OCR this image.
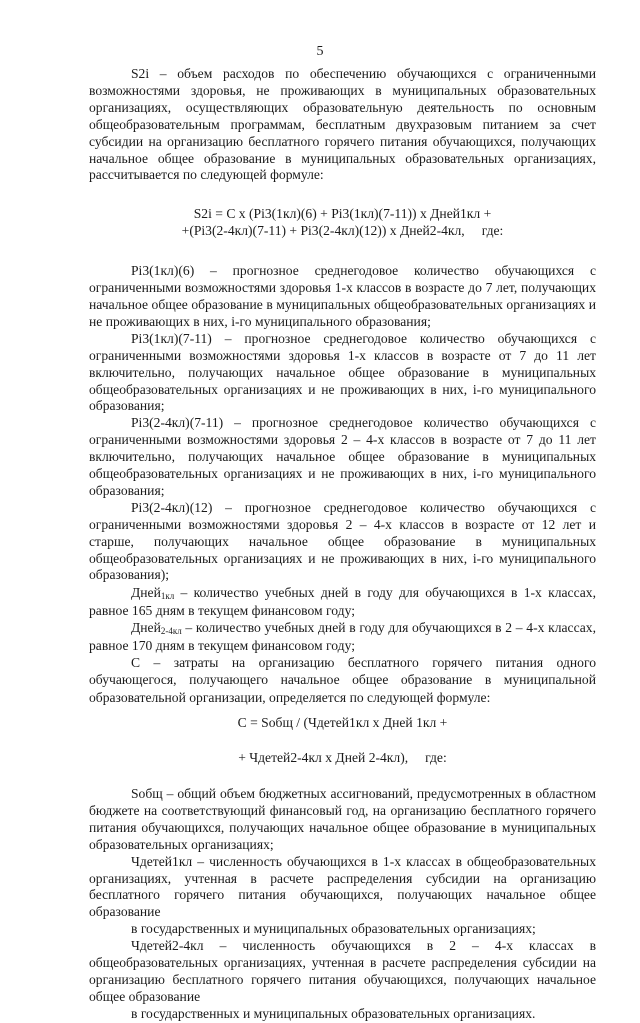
5

S2i – объем расходов по обеспечению обучающихся с ограниченными возможностями здоровья, не проживающих в муниципальных образовательных организациях, осуществляющих образовательную деятельность по основным общеобразовательным программам, бесплатным двухразовым питанием за счет субсидии на организацию бесплатного горячего питания обучающихся, получающих начальное общее образование в муниципальных образовательных организациях, рассчитывается по следующей формуле:

S2i = C x (Pi3(1кл)(6) + Pi3(1кл)(7-11)) x Дней1кл +
+(Pi3(2-4кл)(7-11) + Pi3(2-4кл)(12)) x Дней2-4кл,     где:

Pi3(1кл)(6) – прогнозное среднегодовое количество обучающихся с ограниченными возможностями здоровья 1-х классов в возрасте до 7 лет, получающих начальное общее образование в муниципальных общеобразовательных организациях и не проживающих в них, i-го муниципального образования;

Pi3(1кл)(7-11) – прогнозное среднегодовое количество обучающихся с ограниченными возможностями здоровья 1-х классов в возрасте от 7 до 11 лет включительно, получающих начальное общее образование в муниципальных общеобразовательных организациях и не проживающих в них, i-го муниципального образования;

Pi3(2-4кл)(7-11) – прогнозное среднегодовое количество обучающихся с ограниченными возможностями здоровья 2 – 4-х классов в возрасте от 7 до 11 лет включительно, получающих начальное общее образование в муниципальных общеобразовательных организациях и не проживающих в них, i-го муниципального образования;

Pi3(2-4кл)(12) – прогнозное среднегодовое количество обучающихся с ограниченными возможностями здоровья 2 – 4-х классов в возрасте от 12 лет и старше, получающих начальное общее образование в муниципальных общеобразовательных организациях и не проживающих в них, i-го муниципального образования);

Дней$_{1кл}$ – количество учебных дней в году для обучающихся в 1-х классах, равное 165 дням в текущем финансовом году;

Дней$_{2-4кл}$ – количество учебных дней в году для обучающихся в 2 – 4-х классах, равное 170 дням в текущем финансовом году;

C – затраты на организацию бесплатного горячего питания одного обучающегося, получающего начальное общее образование в муниципальной образовательной организации, определяется по следующей формуле:

C = Sобщ / (Чдетей1кл x Дней 1кл +
+ Чдетей2-4кл x Дней 2-4кл),     где:

Sобщ – общий объем бюджетных ассигнований, предусмотренных в областном бюджете на соответствующий финансовый год, на организацию бесплатного горячего питания обучающихся, получающих начальное общее образование в муниципальных образовательных организациях;

Чдетей1кл – численность обучающихся в 1-х классах в общеобразовательных организациях, учтенная в расчете распределения субсидии на организацию бесплатного горячего питания обучающихся, получающих начальное общее образование
в государственных и муниципальных образовательных организациях;

Чдетей2-4кл – численность обучающихся в 2 – 4-х классах в общеобразовательных организациях, учтенная в расчете распределения субсидии на организацию бесплатного горячего питания обучающихся, получающих начальное общее образование
в государственных и муниципальных образовательных организациях.
